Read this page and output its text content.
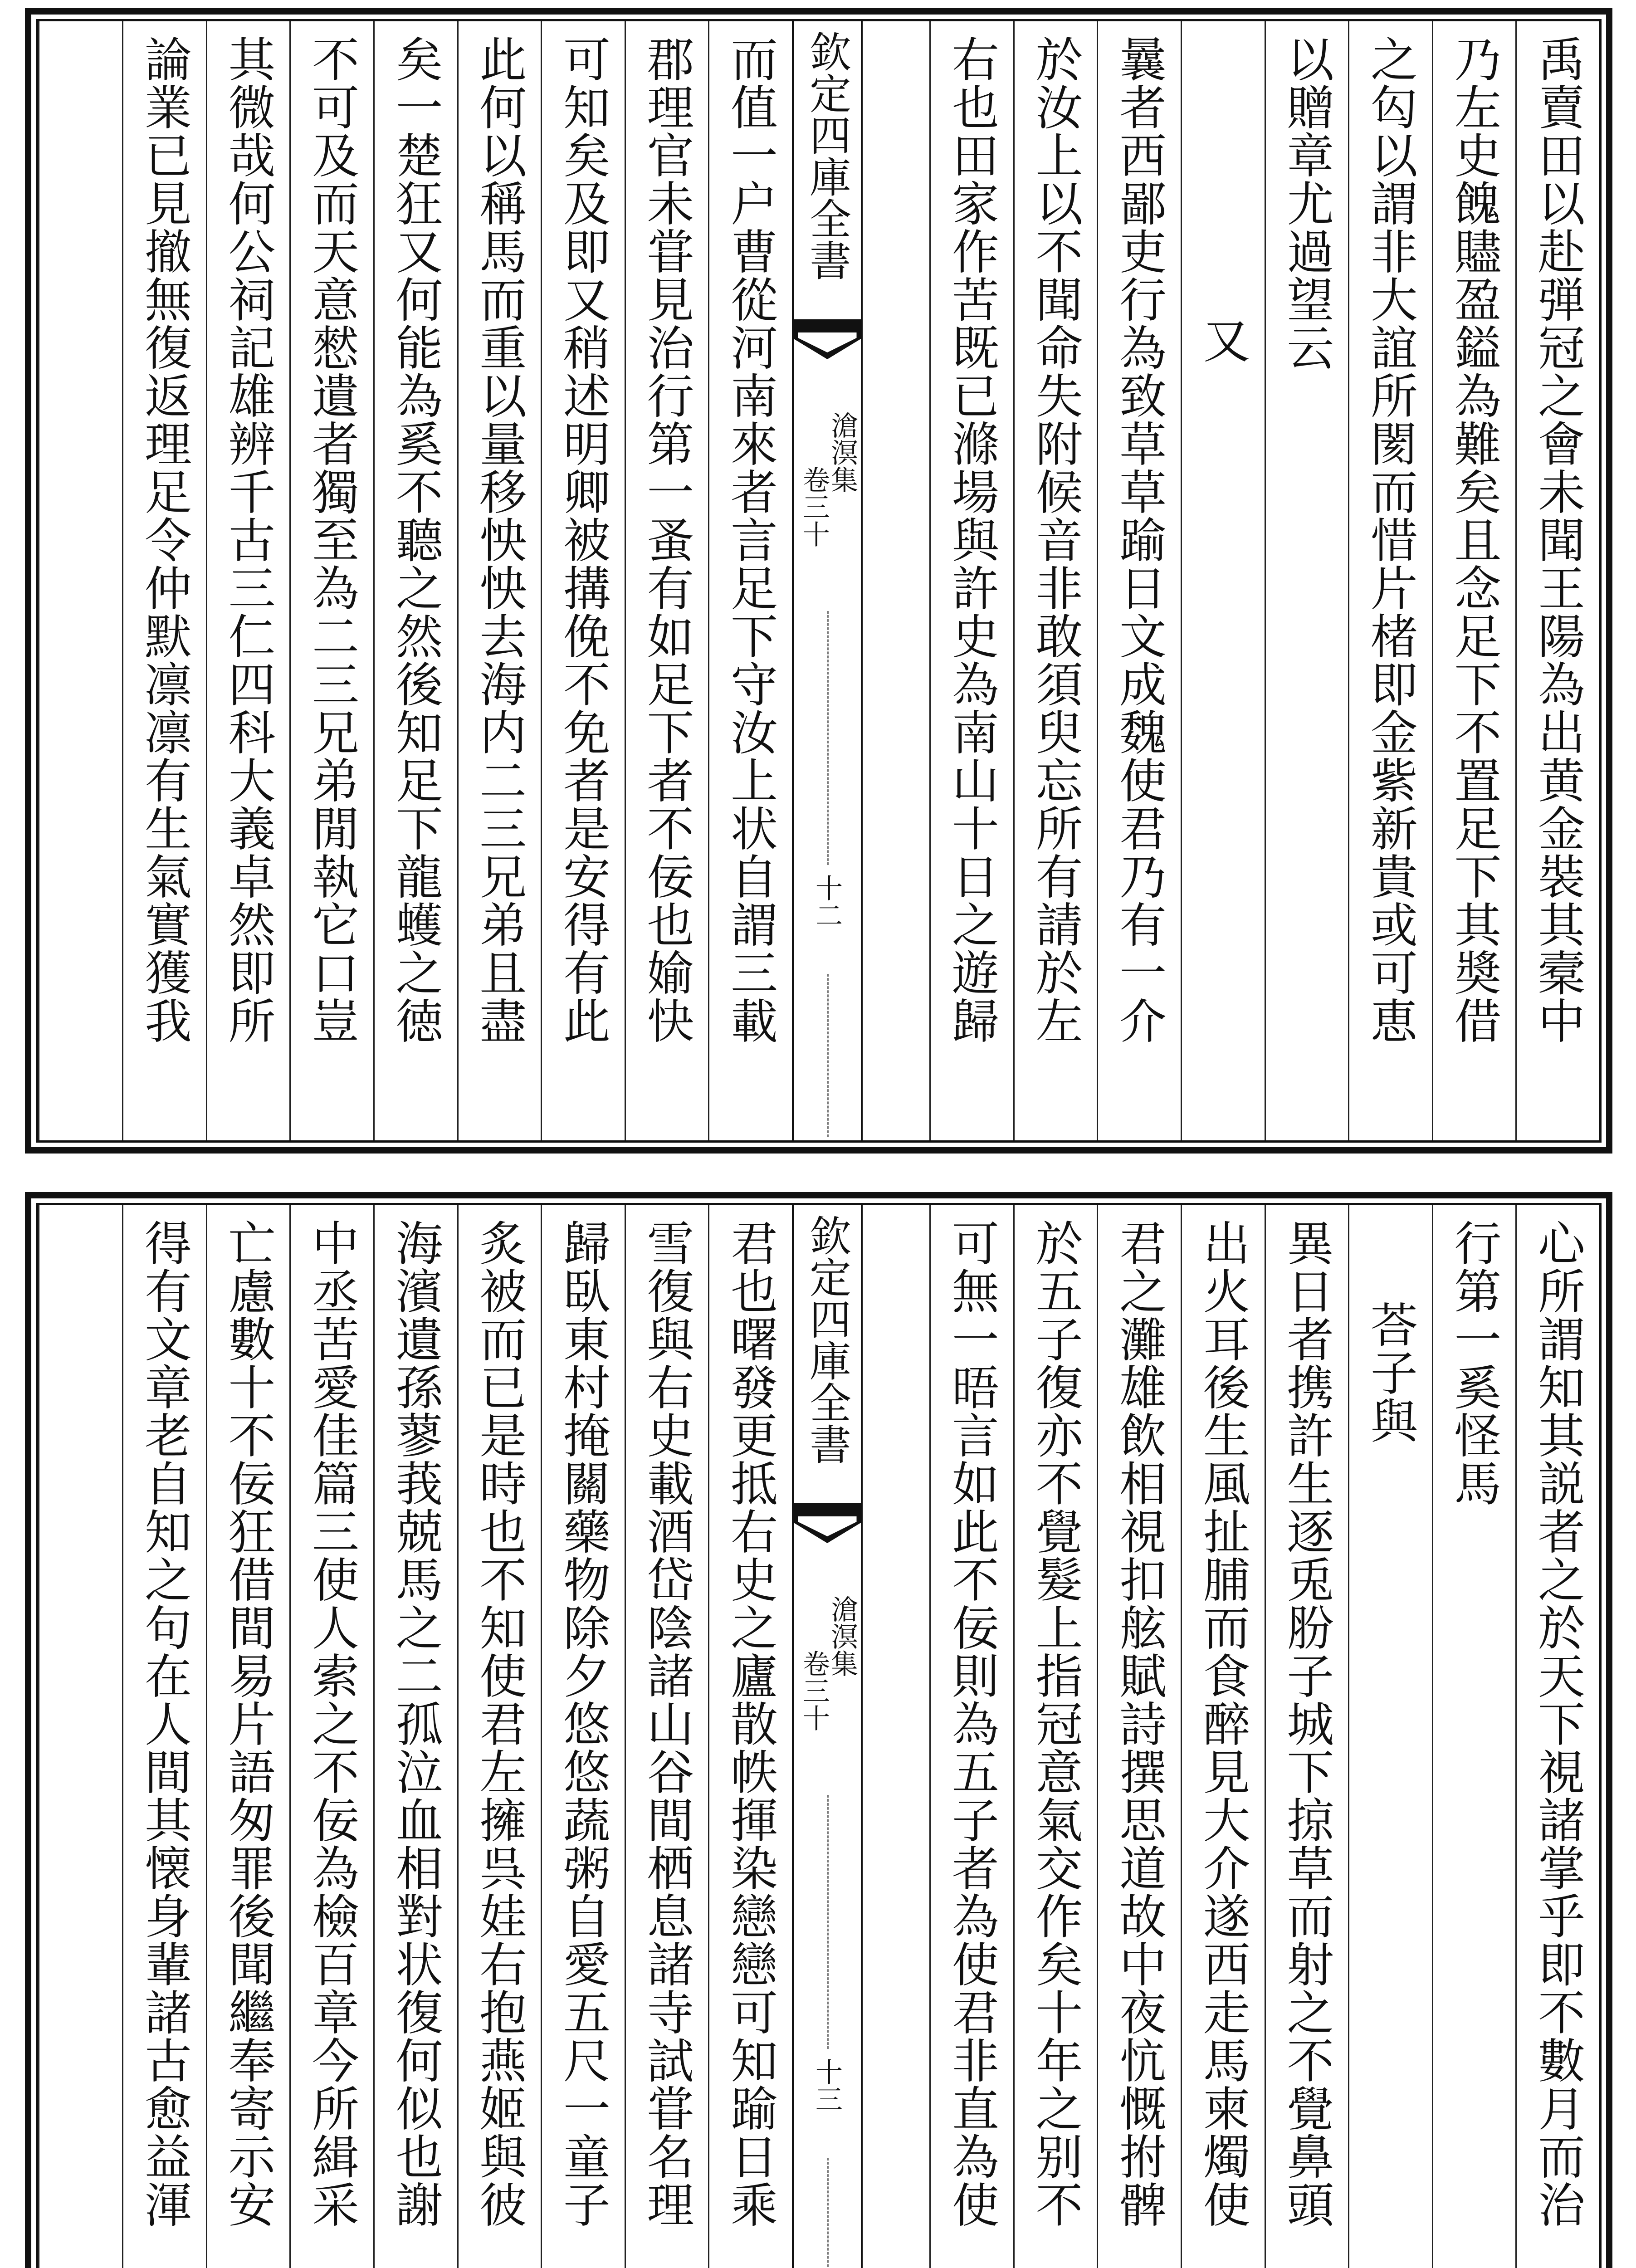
禹賣田以赴弾冠之會未聞王陽為出黄金裝其槖中
乃左史餽贐盈鎰為難矣且念足下不置足下其奬借
之匃以謂非大誼所閡而惜片楮即金紫新貴或可恵
以贈章尤過望云
又
曩者西鄙吏行為致草草踰日文成魏使君乃有一介
於汝上以不聞命失附候音非敢須臾忘所有請於左
右也田家作苦既已滌場與許史為南山十日之遊歸
欽定四庫全書
滄溟集
卷三十
十二
而值一户曹從河南來者言足下守汝上状自謂三載
郡理官未甞見治行第一蚤有如足下者不佞也媮快
可知矣及即又稍述明卿被搆俛不免者是安得有此
此何以稱馬而重以量移怏怏去海内二三兄弟且盡
矣一楚狂又何能為奚不聽之然後知足下龍蠖之徳
不可及而天意憖遺者獨至為二三兄弟閒執它口豈
其微哉何公祠記雄辨千古三仁四科大義卓然即所
論業已見撤無復返理足令仲默凛凛有生氣實獲我
心所謂知其説者之於天下視諸掌乎即不數月而治
行第一奚怪馬
荅子與
異日者携許生逐兎肦子城下掠草而射之不覺鼻頭
出火耳後生風扯脯而食醉見大介遂西走馬柬燭使
君之灘雄飲相視扣舷賦詩撰思道故中夜忼慨拊髀
於五子復亦不覺髮上指冠意氣交作矣十年之别不
可無一晤言如此不佞則為五子者為使君非直為使
欽定四庫全書
滄溟集
卷三十
十三
君也曙發更抵右史之廬散帙揮染戀戀可知踰日乘
雪復與右史載酒岱陰諸山谷間栖息諸寺試甞名理
歸臥東村掩關藥物除夕悠悠蔬粥自愛五尺一童子
炙被而已是時也不知使君左擁呉娃右抱燕姬與彼
海濱遺孫蓼莪兢馬之二孤泣血相對状復何似也謝
中丞苦愛佳篇三使人索之不佞為檢百章今所緝采
亡慮數十不佞狂借間易片語匆罪後聞繼奉寄示安
得有文章老自知之句在人間其懐身輩諸古愈益渾
